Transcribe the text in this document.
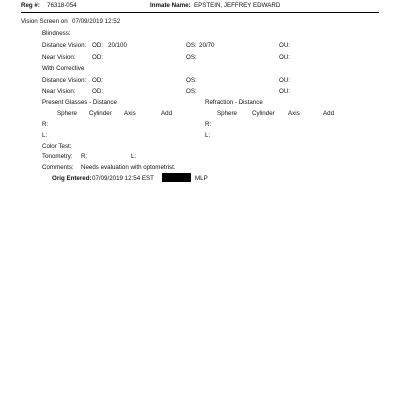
Reg #: 76318-054	Inmate Name: EPSTEIN, JEFFREY EDWARD
Vision Screen on 07/09/2019 12:52
Blindness:
Distance Vision: OD: 20/100	OS: 20/70	OU:
Near Vision:	OD:	OS:	OU:
With Corrective
Distance Vision: OD:	OS:	OU:
Near Vision:	OD:	OS:	OU:
Present Glasses - Distance	Refraction - Distance
Sphere Cylinder Axis	Add	Sphere Cylinder Axis	Add
R:	R:
L:	L:
Color Test:
Tonometry: R:	L:
Comments: Needs evaluation with optometrist.
Orig Entered: 07/09/2019 12:54 EST	MLP
